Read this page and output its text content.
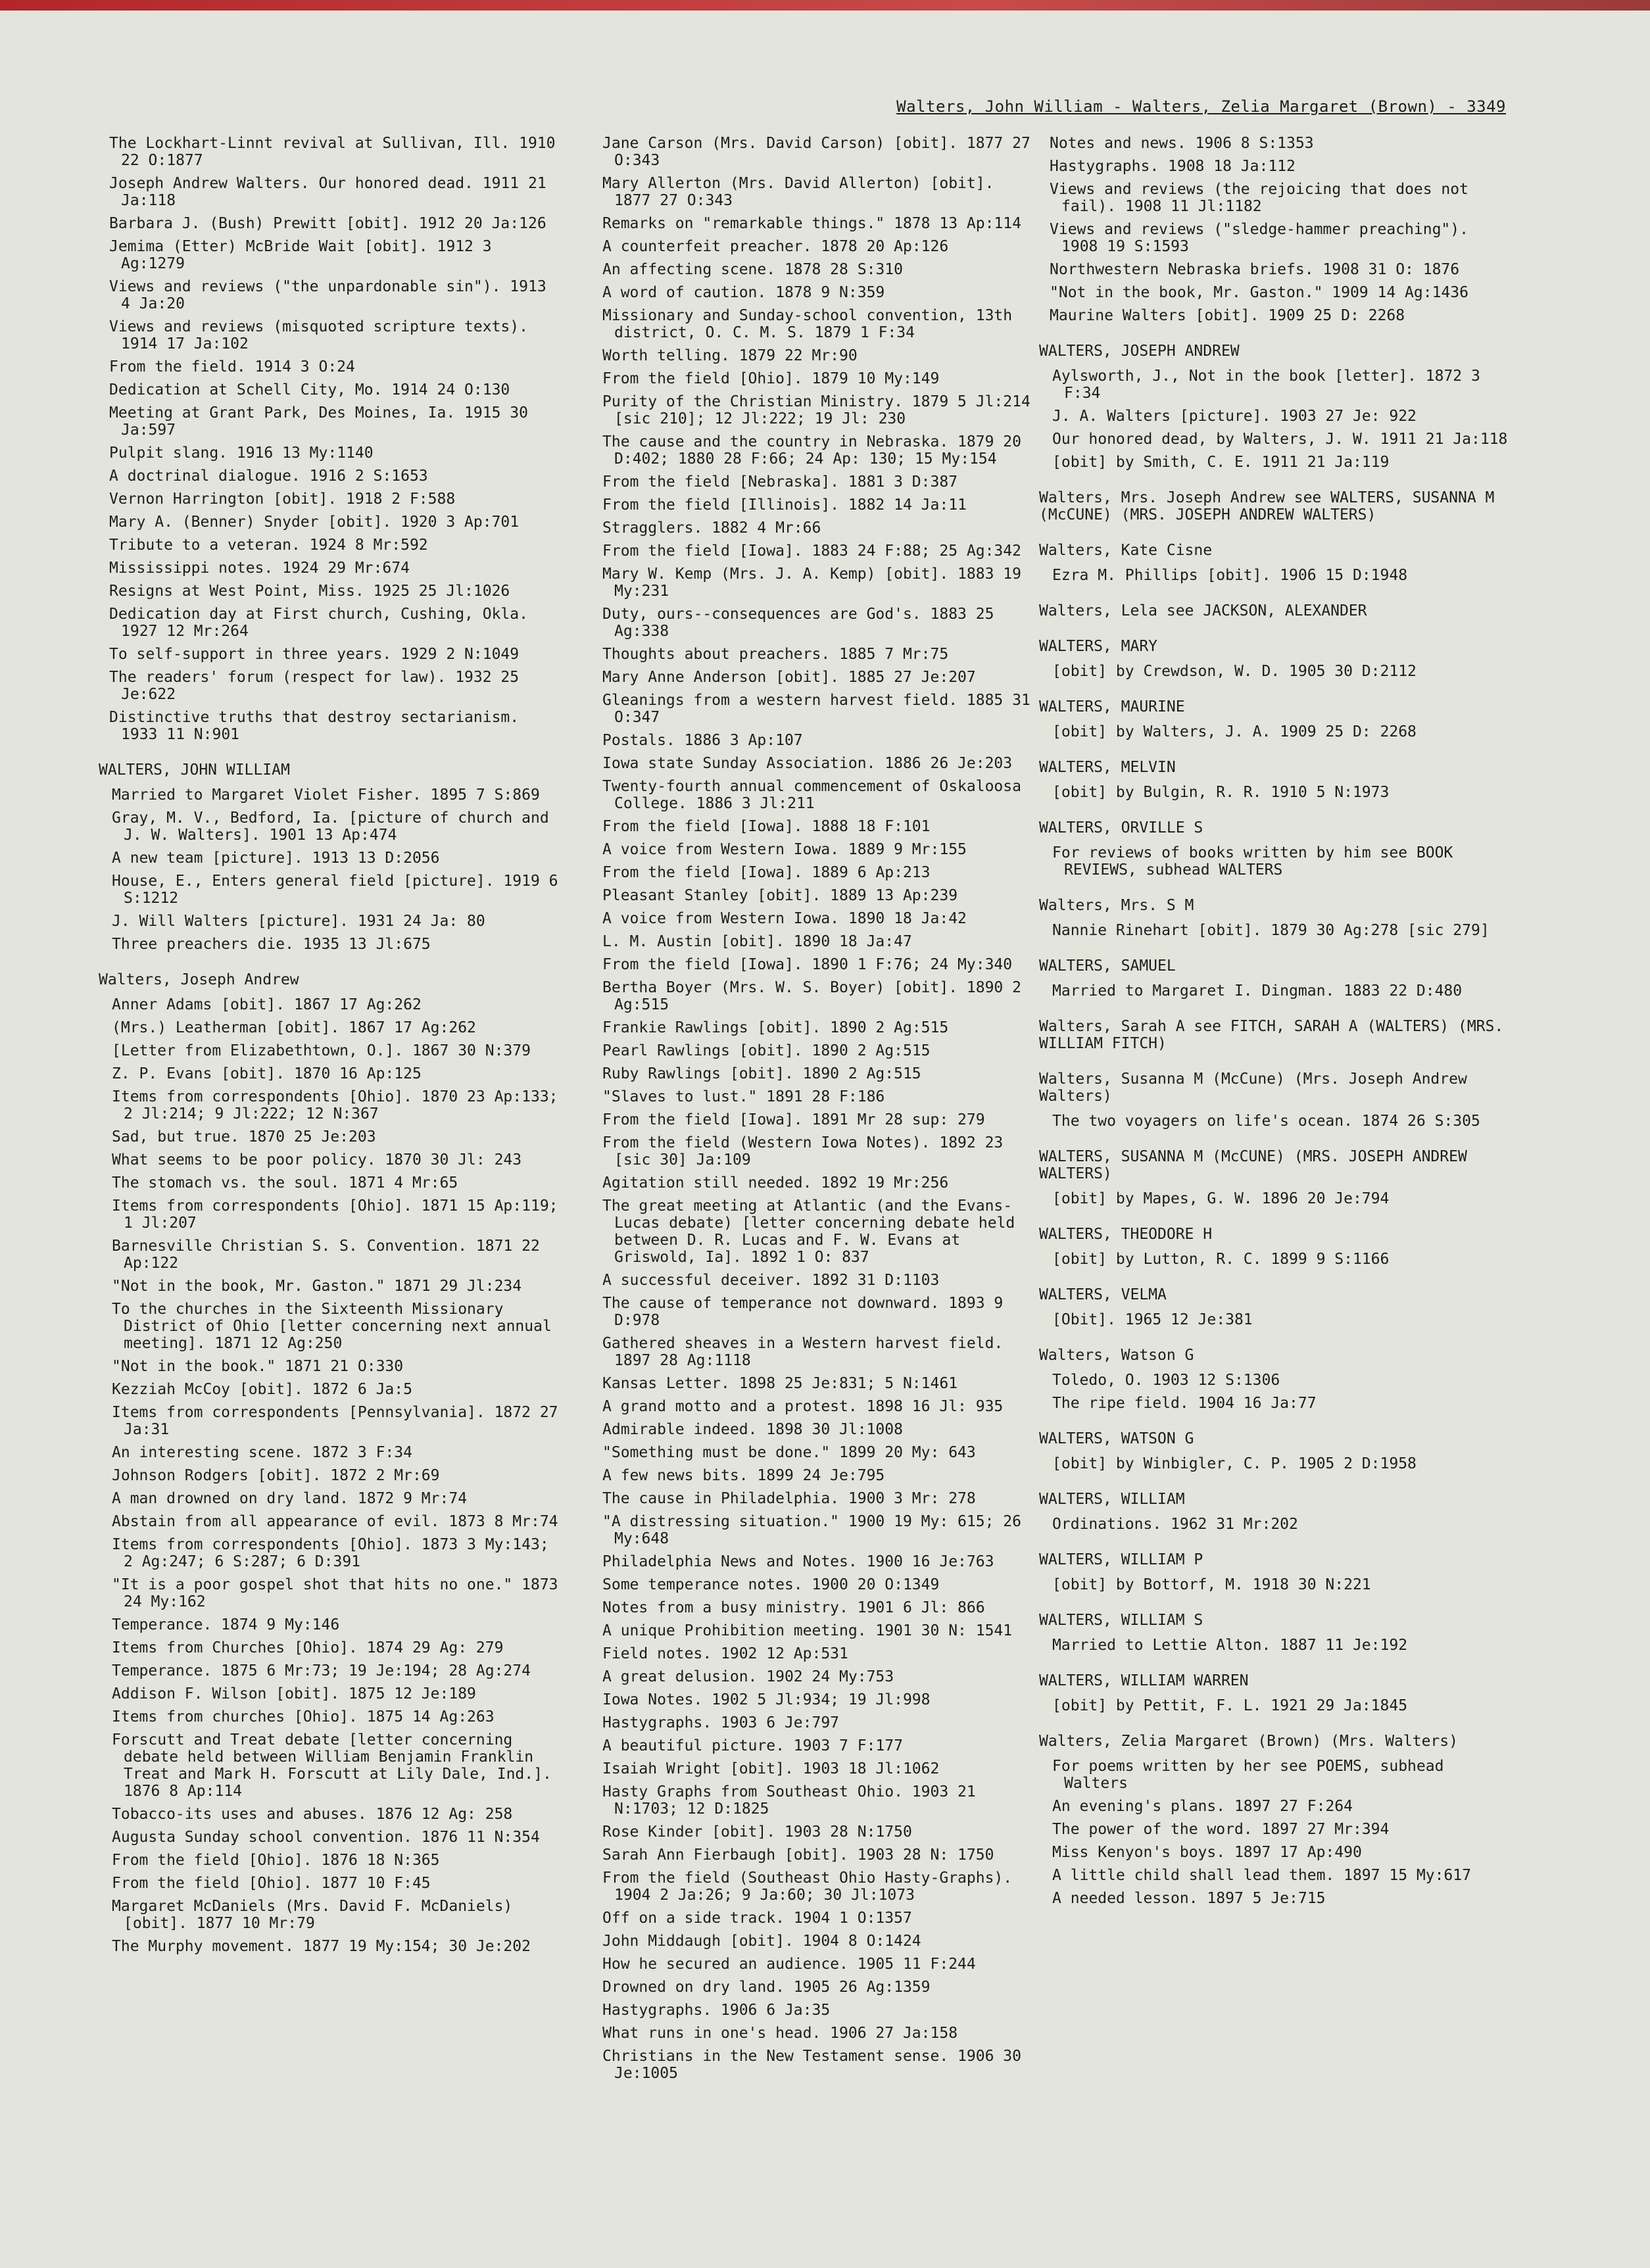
Walters, John William - Walters, Zelia Margaret (Brown) - 3349
The Lockhart-Linnt revival at Sullivan, Ill. 1910 22 O:1877
Joseph Andrew Walters. Our honored dead. 1911 21 Ja:118
Barbara J. (Bush) Prewitt [obit]. 1912 20 Ja:126
Jemima (Etter) McBride Wait [obit]. 1912 3 Ag:1279
Views and reviews ("the unpardonable sin"). 1913 4 Ja:20
Views and reviews (misquoted scripture texts). 1914 17 Ja:102
From the field. 1914 3 O:24
Dedication at Schell City, Mo. 1914 24 O:130
Meeting at Grant Park, Des Moines, Ia. 1915 30 Ja:597
Pulpit slang. 1916 13 My:1140
A doctrinal dialogue. 1916 2 S:1653
Vernon Harrington [obit]. 1918 2 F:588
Mary A. (Benner) Snyder [obit]. 1920 3 Ap:701
Tribute to a veteran. 1924 8 Mr:592
Mississippi notes. 1924 29 Mr:674
Resigns at West Point, Miss. 1925 25 Jl:1026
Dedication day at First church, Cushing, Okla. 1927 12 Mr:264
To self-support in three years. 1929 2 N:1049
The readers' forum (respect for law). 1932 25 Je:622
Distinctive truths that destroy sectarianism. 1933 11 N:901
WALTERS, JOHN WILLIAM
Married to Margaret Violet Fisher. 1895 7 S:869
Gray, M. V., Bedford, Ia. [picture of church and J. W. Walters]. 1901 13 Ap:474
A new team [picture]. 1913 13 D:2056
House, E., Enters general field [picture]. 1919 6 S:1212
J. Will Walters [picture]. 1931 24 Ja: 80
Three preachers die. 1935 13 Jl:675
Walters, Joseph Andrew
Anner Adams [obit]. 1867 17 Ag:262
(Mrs.) Leatherman [obit]. 1867 17 Ag:262
[Letter from Elizabethtown, O.]. 1867 30 N:379
Z. P. Evans [obit]. 1870 16 Ap:125
Items from correspondents [Ohio]. 1870 23 Ap:133; 2 Jl:214; 9 Jl:222; 12 N:367
Sad, but true. 1870 25 Je:203
What seems to be poor policy. 1870 30 Jl: 243
The stomach vs. the soul. 1871 4 Mr:65
Items from correspondents [Ohio]. 1871 15 Ap:119; 1 Jl:207
Barnesville Christian S. S. Convention. 1871 22 Ap:122
"Not in the book, Mr. Gaston." 1871 29 Jl:234
To the churches in the Sixteenth Missionary District of Ohio [letter concerning next annual meeting]. 1871 12 Ag:250
"Not in the book." 1871 21 O:330
Kezziah McCoy [obit]. 1872 6 Ja:5
Items from correspondents [Pennsylvania]. 1872 27 Ja:31
An interesting scene. 1872 3 F:34
Johnson Rodgers [obit]. 1872 2 Mr:69
A man drowned on dry land. 1872 9 Mr:74
Abstain from all appearance of evil. 1873 8 Mr:74
Items from correspondents [Ohio]. 1873 3 My:143; 2 Ag:247; 6 S:287; 6 D:391
"It is a poor gospel shot that hits no one." 1873 24 My:162
Temperance. 1874 9 My:146
Items from Churches [Ohio]. 1874 29 Ag: 279
Temperance. 1875 6 Mr:73; 19 Je:194; 28 Ag:274
Addison F. Wilson [obit]. 1875 12 Je:189
Items from churches [Ohio]. 1875 14 Ag:263
Forscutt and Treat debate [letter concerning debate held between William Benjamin Franklin Treat and Mark H. Forscutt at Lily Dale, Ind.]. 1876 8 Ap:114
Tobacco-its uses and abuses. 1876 12 Ag: 258
Augusta Sunday school convention. 1876 11 N:354
From the field [Ohio]. 1876 18 N:365
From the field [Ohio]. 1877 10 F:45
Margaret McDaniels (Mrs. David F. McDaniels) [obit]. 1877 10 Mr:79
The Murphy movement. 1877 19 My:154; 30 Je:202
Jane Carson (Mrs. David Carson) [obit]. 1877 27 O:343
Mary Allerton (Mrs. David Allerton) [obit]. 1877 27 O:343
Remarks on "remarkable things." 1878 13 Ap:114
A counterfeit preacher. 1878 20 Ap:126
An affecting scene. 1878 28 S:310
A word of caution. 1878 9 N:359
Missionary and Sunday-school convention, 13th district, O. C. M. S. 1879 1 F:34
Worth telling. 1879 22 Mr:90
From the field [Ohio]. 1879 10 My:149
Purity of the Christian Ministry. 1879 5 Jl:214 [sic 210]; 12 Jl:222; 19 Jl: 230
The cause and the country in Nebraska. 1879 20 D:402; 1880 28 F:66; 24 Ap: 130; 15 My:154
From the field [Nebraska]. 1881 3 D:387
From the field [Illinois]. 1882 14 Ja:11
Stragglers. 1882 4 Mr:66
From the field [Iowa]. 1883 24 F:88; 25 Ag:342
Mary W. Kemp (Mrs. J. A. Kemp) [obit]. 1883 19 My:231
Duty, ours--consequences are God's. 1883 25 Ag:338
Thoughts about preachers. 1885 7 Mr:75
Mary Anne Anderson [obit]. 1885 27 Je:207
Gleanings from a western harvest field. 1885 31 O:347
Postals. 1886 3 Ap:107
Iowa state Sunday Association. 1886 26 Je:203
Twenty-fourth annual commencement of Oskaloosa College. 1886 3 Jl:211
From the field [Iowa]. 1888 18 F:101
A voice from Western Iowa. 1889 9 Mr:155
From the field [Iowa]. 1889 6 Ap:213
Pleasant Stanley [obit]. 1889 13 Ap:239
A voice from Western Iowa. 1890 18 Ja:42
L. M. Austin [obit]. 1890 18 Ja:47
From the field [Iowa]. 1890 1 F:76; 24 My:340
Bertha Boyer (Mrs. W. S. Boyer) [obit]. 1890 2 Ag:515
Frankie Rawlings [obit]. 1890 2 Ag:515
Pearl Rawlings [obit]. 1890 2 Ag:515
Ruby Rawlings [obit]. 1890 2 Ag:515
"Slaves to lust." 1891 28 F:186
From the field [Iowa]. 1891 Mr 28 sup: 279
From the field (Western Iowa Notes). 1892 23 [sic 30] Ja:109
Agitation still needed. 1892 19 Mr:256
The great meeting at Atlantic (and the Evans-Lucas debate) [letter concerning debate held between D. R. Lucas and F. W. Evans at Griswold, Ia]. 1892 1 O: 837
A successful deceiver. 1892 31 D:1103
The cause of temperance not downward. 1893 9 D:978
Gathered sheaves in a Western harvest field. 1897 28 Ag:1118
Kansas Letter. 1898 25 Je:831; 5 N:1461
A grand motto and a protest. 1898 16 Jl: 935
Admirable indeed. 1898 30 Jl:1008
"Something must be done." 1899 20 My: 643
A few news bits. 1899 24 Je:795
The cause in Philadelphia. 1900 3 Mr: 278
"A distressing situation." 1900 19 My: 615; 26 My:648
Philadelphia News and Notes. 1900 16 Je:763
Some temperance notes. 1900 20 O:1349
Notes from a busy ministry. 1901 6 Jl: 866
A unique Prohibition meeting. 1901 30 N: 1541
Field notes. 1902 12 Ap:531
A great delusion. 1902 24 My:753
Iowa Notes. 1902 5 Jl:934; 19 Jl:998
Hastygraphs. 1903 6 Je:797
A beautiful picture. 1903 7 F:177
Isaiah Wright [obit]. 1903 18 Jl:1062
Hasty Graphs from Southeast Ohio. 1903 21 N:1703; 12 D:1825
Rose Kinder [obit]. 1903 28 N:1750
Sarah Ann Fierbaugh [obit]. 1903 28 N: 1750
From the field (Southeast Ohio Hasty-Graphs). 1904 2 Ja:26; 9 Ja:60; 30 Jl:1073
Off on a side track. 1904 1 O:1357
John Middaugh [obit]. 1904 8 O:1424
How he secured an audience. 1905 11 F:244
Drowned on dry land. 1905 26 Ag:1359
Hastygraphs. 1906 6 Ja:35
What runs in one's head. 1906 27 Ja:158
Christians in the New Testament sense. 1906 30 Je:1005
Notes and news. 1906 8 S:1353
Hastygraphs. 1908 18 Ja:112
Views and reviews (the rejoicing that does not fail). 1908 11 Jl:1182
Views and reviews ("sledge-hammer preaching"). 1908 19 S:1593
Northwestern Nebraska briefs. 1908 31 O: 1876
"Not in the book, Mr. Gaston." 1909 14 Ag:1436
Maurine Walters [obit]. 1909 25 D: 2268
WALTERS, JOSEPH ANDREW
Aylsworth, J., Not in the book [letter]. 1872 3 F:34
J. A. Walters [picture]. 1903 27 Je: 922
Our honored dead, by Walters, J. W. 1911 21 Ja:118
[obit] by Smith, C. E. 1911 21 Ja:119
Walters, Mrs. Joseph Andrew see WALTERS, SUSANNA M (McCUNE) (MRS. JOSEPH ANDREW WALTERS)
Walters, Kate Cisne
Ezra M. Phillips [obit]. 1906 15 D:1948
Walters, Lela see JACKSON, ALEXANDER
WALTERS, MARY
[obit] by Crewdson, W. D. 1905 30 D:2112
WALTERS, MAURINE
[obit] by Walters, J. A. 1909 25 D: 2268
WALTERS, MELVIN
[obit] by Bulgin, R. R. 1910 5 N:1973
WALTERS, ORVILLE S
For reviews of books written by him see BOOK REVIEWS, subhead WALTERS
Walters, Mrs. S M
Nannie Rinehart [obit]. 1879 30 Ag:278 [sic 279]
WALTERS, SAMUEL
Married to Margaret I. Dingman. 1883 22 D:480
Walters, Sarah A see FITCH, SARAH A (WALTERS) (MRS. WILLIAM FITCH)
Walters, Susanna M (McCune) (Mrs. Joseph Andrew Walters)
The two voyagers on life's ocean. 1874 26 S:305
WALTERS, SUSANNA M (McCUNE) (MRS. JOSEPH ANDREW WALTERS)
[obit] by Mapes, G. W. 1896 20 Je:794
WALTERS, THEODORE H
[obit] by Lutton, R. C. 1899 9 S:1166
WALTERS, VELMA
[Obit]. 1965 12 Je:381
Walters, Watson G
Toledo, O. 1903 12 S:1306
The ripe field. 1904 16 Ja:77
WALTERS, WATSON G
[obit] by Winbigler, C. P. 1905 2 D:1958
WALTERS, WILLIAM
Ordinations. 1962 31 Mr:202
WALTERS, WILLIAM P
[obit] by Bottorf, M. 1918 30 N:221
WALTERS, WILLIAM S
Married to Lettie Alton. 1887 11 Je:192
WALTERS, WILLIAM WARREN
[obit] by Pettit, F. L. 1921 29 Ja:1845
Walters, Zelia Margaret (Brown) (Mrs. Walters)
For poems written by her see POEMS, subhead Walters
An evening's plans. 1897 27 F:264
The power of the word. 1897 27 Mr:394
Miss Kenyon's boys. 1897 17 Ap:490
A little child shall lead them. 1897 15 My:617
A needed lesson. 1897 5 Je:715
